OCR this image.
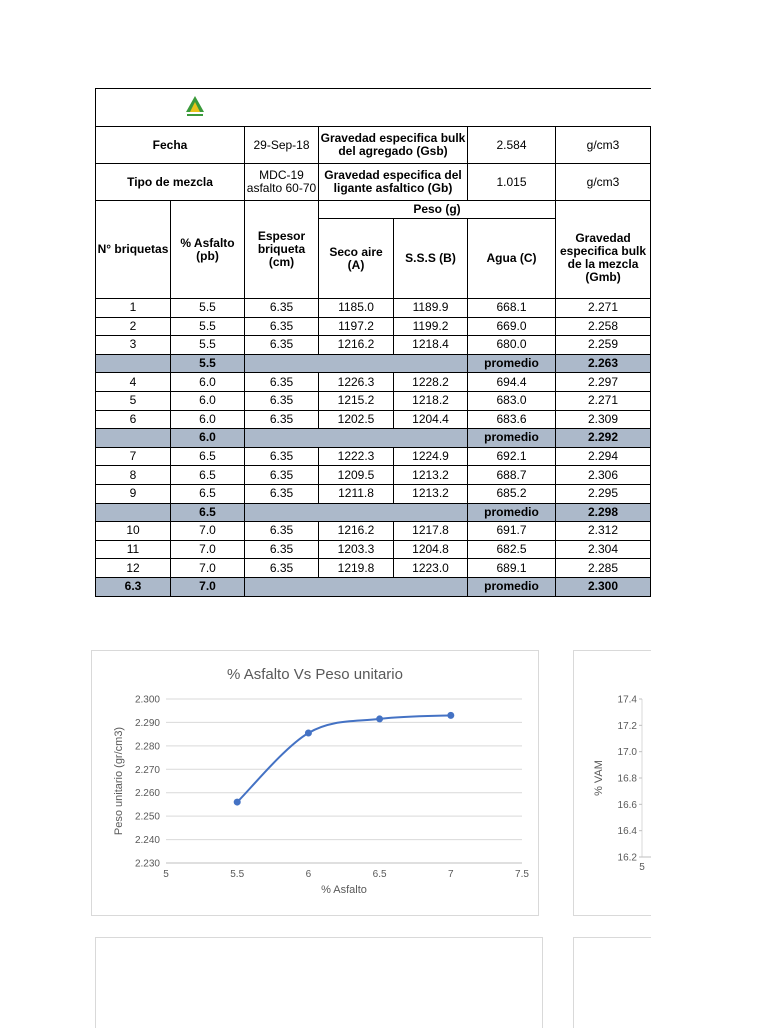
Fecha		29-Sep-18	Gravedad especifica bulk del agregado (Gsb)		2.584	g/cm3
Tipo de mezcla		MDC-19 asfalto 60-70	Gravedad especifica del ligante asfaltico (Gb)		1.015	g/cm3
N° briquetas	% Asfalto (pb)	Espesor briqueta (cm)	Peso (g)			
			Seco aire (A)	S.S.S (B)	Agua (C)	Gravedad especifica bulk de la mezcla (Gmb)
1	5.5	6.35	1185.0	1189.9	668.1	2.271
2	5.5	6.35	1197.2	1199.2	669.0	2.258
3	5.5	6.35	1216.2	1218.4	680.0	2.259
	5.5				promedio	2.263
4	6.0	6.35	1226.3	1228.2	694.4	2.297
5	6.0	6.35	1215.2	1218.2	683.0	2.271
6	6.0	6.35	1202.5	1204.4	683.6	2.309
	6.0				promedio	2.292
7	6.5	6.35	1222.3	1224.9	692.1	2.294
8	6.5	6.35	1209.5	1213.2	688.7	2.306
9	6.5	6.35	1211.8	1213.2	685.2	2.295
	6.5				promedio	2.298
10	7.0	6.35	1216.2	1217.8	691.7	2.312
11	7.0	6.35	1203.3	1204.8	682.5	2.304
12	7.0	6.35	1219.8	1223.0	689.1	2.285
6.3	7.0				promedio	2.300
% Asfalto Vs Peso unitario
2.230
2.240
2.250
2.260
2.270
2.280
2.290
2.300
5	5.5	6	6.5	7	7.5
% Asfalto
Peso unitario (gr/cm3)
16.2
16.4
16.6
16.8
17.0
17.2
17.4
5
% VAM
